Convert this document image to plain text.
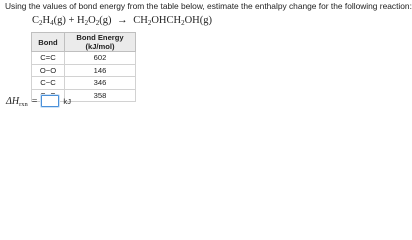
Using the values of bond energy from the table below, estimate the enthalpy change for the following reaction:
$C_2H_4(g) + H_2O_2(g)$ → $CH_2OHCH_2OH(g)$
Bond	Bond Energy (kJ/mol)
C=C	602
O−O	146
C−C	346
	358
$\Delta H_{rxn}$ =	kJ
